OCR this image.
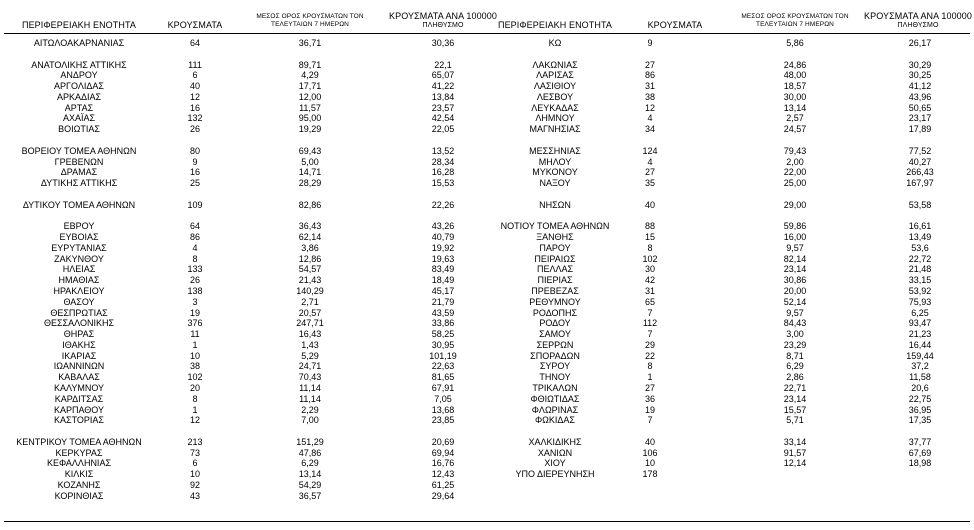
ΠΕΡΙΦΕΡΕΙΑΚΗ ΕΝΟΤΗΤΑ	ΚΡΟΥΣΜΑΤΑ
ΜΕΣΟΣ ΟΡΟΣ ΚΡΟΥΣΜΑΤΩΝ ΤΟΝ
ΤΕΛΕΥΤΑΙΩΝ 7 ΗΜΕΡΩΝ
ΚΡΟΥΣΜΑΤΑ ΑΝΑ 100000
ΠΛΗΘΥΣΜΟ	ΠΕΡΙΦΕΡΕΙΑΚΗ ΕΝΟΤΗΤΑ	ΚΡΟΥΣΜΑΤΑ
ΜΕΣΟΣ ΟΡΟΣ ΚΡΟΥΣΜΑΤΩΝ ΤΟΝ
ΤΕΛΕΥΤΑΙΩΝ 7 ΗΜΕΡΩΝ
ΚΡΟΥΣΜΑΤΑ ΑΝΑ 100000
ΠΛΗΘΥΣΜΟ
ΑΙΤΩΛΟΑΚΑΡΝΑΝΙΑΣ	64	36,71	30,36
ΑΝΑΤΟΛΙΚΗΣ ΑΤΤΙΚΗΣ	111	89,71	22,1
ΑΝΔΡΟΥ	6	4,29	65,07
ΑΡΓΟΛΙΔΑΣ	40	17,71	41,22
ΑΡΚΑΔΙΑΣ	12	12,00	13,84
ΑΡΤΑΣ	16	11,57	23,57
ΑΧΑΪΑΣ	132	95,00	42,54
ΒΟΙΩΤΙΑΣ	26	19,29	22,05
ΒΟΡΕΙΟΥ ΤΟΜΕΑ ΑΘΗΝΩΝ	80	69,43	13,52
ΓΡΕΒΕΝΩΝ	9	5,00	28,34
ΔΡΑΜΑΣ	16	14,71	16,28
ΔΥΤΙΚΗΣ ΑΤΤΙΚΗΣ	25	28,29	15,53
ΔΥΤΙΚΟΥ ΤΟΜΕΑ ΑΘΗΝΩΝ	109	82,86	22,26
ΕΒΡΟΥ	64	36,43	43,26
ΕΥΒΟΙΑΣ	86	62,14	40,79
ΕΥΡΥΤΑΝΙΑΣ	4	3,86	19,92
ΖΑΚΥΝΘΟΥ	8	12,86	19,63
ΗΛΕΙΑΣ	133	54,57	83,49
ΗΜΑΘΙΑΣ	26	21,43	18,49
ΗΡΑΚΛΕΙΟΥ	138	140,29	45,17
ΘΑΣΟΥ	3	2,71	21,79
ΘΕΣΠΡΩΤΙΑΣ	19	20,57	43,59
ΘΕΣΣΑΛΟΝΙΚΗΣ	376	247,71	33,86
ΘΗΡΑΣ	11	16,43	58,25
ΙΘΑΚΗΣ	1	1,43	30,95
ΙΚΑΡΙΑΣ	10	5,29	101,19
ΙΩΑΝΝΙΝΩΝ	38	24,71	22,63
ΚΑΒΑΛΑΣ	102	70,43	81,65
ΚΑΛΥΜΝΟΥ	20	11,14	67,91
ΚΑΡΔΙΤΣΑΣ	8	11,14	7,05
ΚΑΡΠΑΘΟΥ	1	2,29	13,68
ΚΑΣΤΟΡΙΑΣ	12	7,00	23,85
ΚΕΝΤΡΙΚΟΥ ΤΟΜΕΑ ΑΘΗΝΩΝ	213	151,29	20,69
ΚΕΡΚΥΡΑΣ	73	47,86	69,94
ΚΕΦΑΛΛΗΝΙΑΣ	6	6,29	16,76
ΚΙΛΚΙΣ	10	13,14	12,43
ΚΟΖΑΝΗΣ	92	54,29	61,25
ΚΟΡΙΝΘΙΑΣ	43	36,57	29,64
ΚΩ	9	5,86	26,17
ΛΑΚΩΝΙΑΣ	27	24,86	30,29
ΛΑΡΙΣΑΣ	86	48,00	30,25
ΛΑΣΙΘΙΟΥ	31	18,57	41,12
ΛΕΣΒΟΥ	38	30,00	43,96
ΛΕΥΚΑΔΑΣ	12	13,14	50,65
ΛΗΜΝΟΥ	4	2,57	23,17
ΜΑΓΝΗΣΙΑΣ	34	24,57	17,89
ΜΕΣΣΗΝΙΑΣ	124	79,43	77,52
ΜΗΛΟΥ	4	2,00	40,27
ΜΥΚΟΝΟΥ	27	22,00	266,43
ΝΑΞΟΥ	35	25,00	167,97
ΝΗΣΩΝ	40	29,00	53,58
ΝΟΤΙΟΥ ΤΟΜΕΑ ΑΘΗΝΩΝ	88	59,86	16,61
ΞΑΝΘΗΣ	15	16,00	13,49
ΠΑΡΟΥ	8	9,57	53,6
ΠΕΙΡΑΙΩΣ	102	82,14	22,72
ΠΕΛΛΑΣ	30	23,14	21,48
ΠΙΕΡΙΑΣ	42	30,86	33,15
ΠΡΕΒΕΖΑΣ	31	20,00	53,92
ΡΕΘΥΜΝΟΥ	65	52,14	75,93
ΡΟΔΟΠΗΣ	7	9,57	6,25
ΡΟΔΟΥ	112	84,43	93,47
ΣΑΜΟΥ	7	3,00	21,23
ΣΕΡΡΩΝ	29	23,29	16,44
ΣΠΟΡΑΔΩΝ	22	8,71	159,44
ΣΥΡΟΥ	8	6,29	37,2
ΤΗΝΟΥ	1	2,86	11,58
ΤΡΙΚΑΛΩΝ	27	22,71	20,6
ΦΘΙΩΤΙΔΑΣ	36	23,14	22,75
ΦΛΩΡΙΝΑΣ	19	15,57	36,95
ΦΩΚΙΔΑΣ	7	5,71	17,35
ΧΑΛΚΙΔΙΚΗΣ	40	33,14	37,77
ΧΑΝΙΩΝ	106	91,57	67,69
ΧΙΟΥ	10	12,14	18,98
ΥΠΟ ΔΙΕΡΕΥΝΗΣΗ	178
